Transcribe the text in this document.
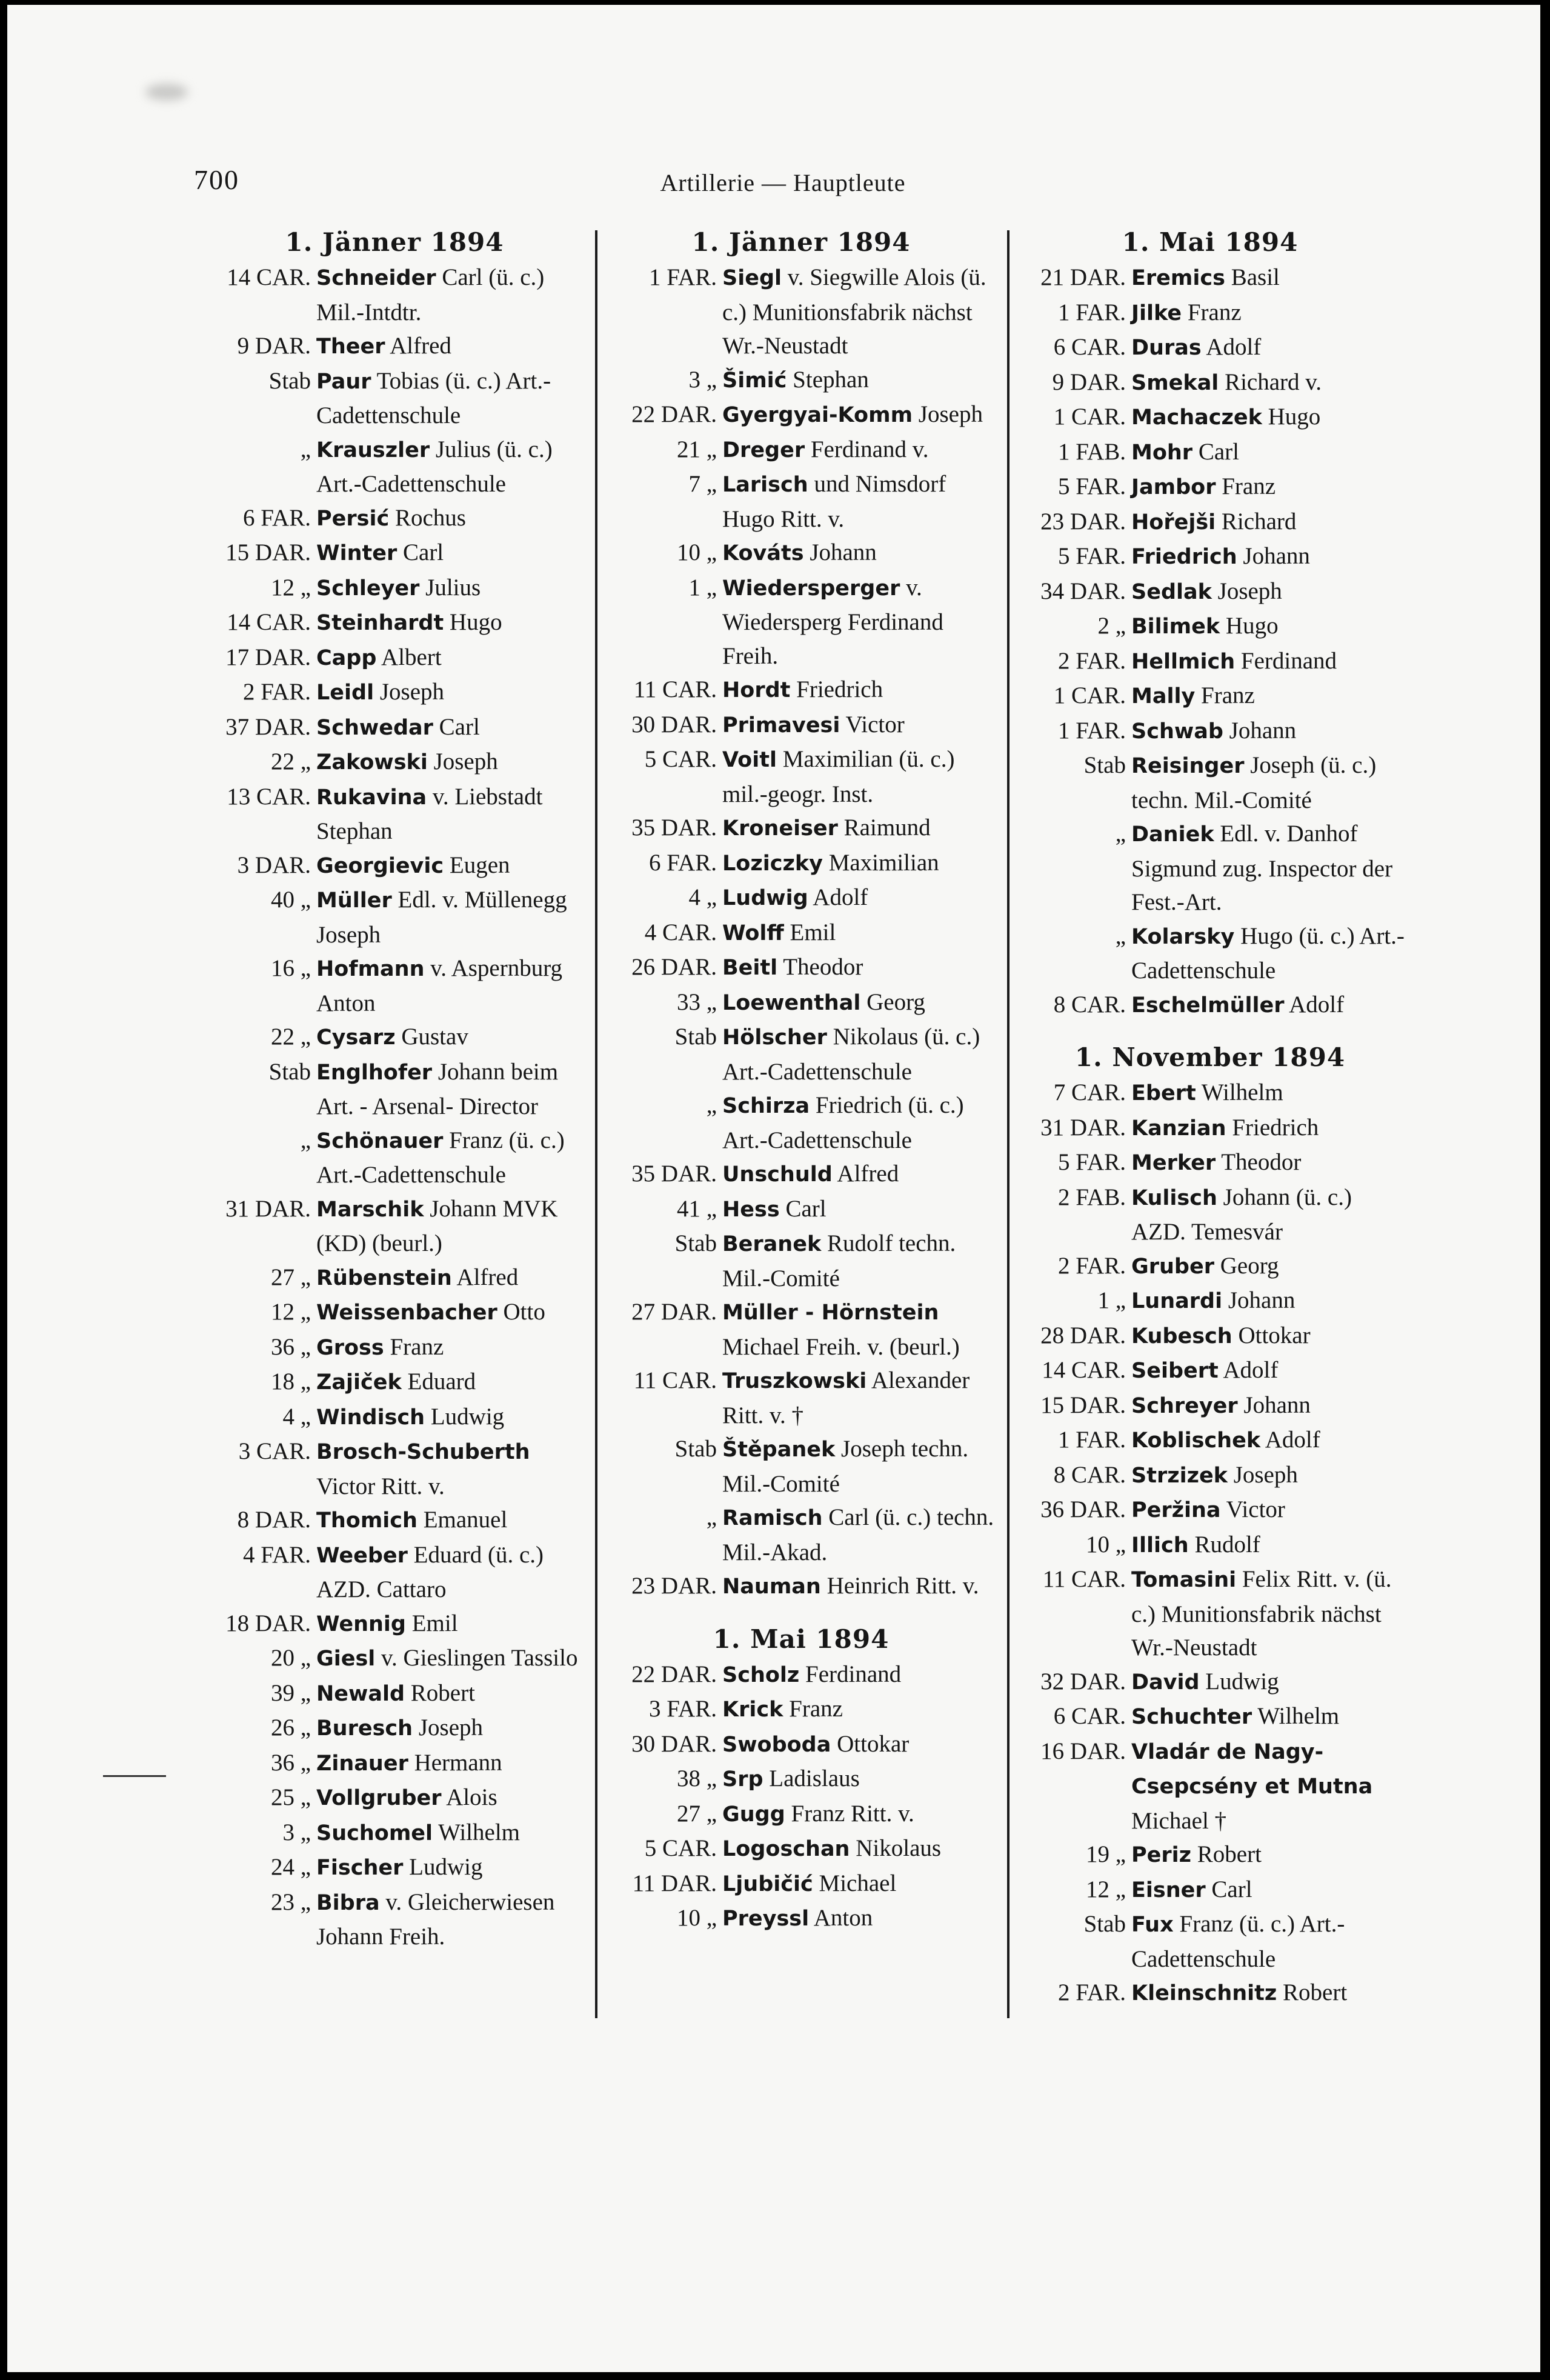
700	Artillerie — Hauptleute
1. Jänner 1894
14 CAR. Schneider Carl (ü. c.) Mil.-Intdtr.
9 DAR. Theer Alfred
Stab Paur Tobias (ü. c.) Art.-Cadettenschule
„ Krauszler Julius (ü. c.) Art.-Cadettenschule
6 FAR. Persić Rochus
15 DAR. Winter Carl
12 „ Schleyer Julius
14 CAR. Steinhardt Hugo
17 DAR. Capp Albert
2 FAR. Leidl Joseph
37 DAR. Schwedar Carl
22 „ Zakowski Joseph
13 CAR. Rukavina v. Liebstadt Stephan
3 DAR. Georgievic Eugen
40 „ Müller Edl. v. Müllenegg Joseph
16 „ Hofmann v. Aspernburg Anton
22 „ Cysarz Gustav
Stab Englhofer Johann beim Art. - Arsenal- Director
„ Schönauer Franz (ü. c.) Art.-Cadettenschule
31 DAR. Marschik Johann MVK (KD) (beurl.)
27 „ Rübenstein Alfred
12 „ Weissenbacher Otto
36 „ Gross Franz
18 „ Zajiček Eduard
4 „ Windisch Ludwig
3 CAR. Brosch-Schuberth Victor Ritt. v.
8 DAR. Thomich Emanuel
4 FAR. Weeber Eduard (ü. c.) AZD. Cattaro
18 DAR. Wennig Emil
20 „ Giesl v. Gieslingen Tassilo
39 „ Newald Robert
26 „ Buresch Joseph
36 „ Zinauer Hermann
25 „ Vollgruber Alois
3 „ Suchomel Wilhelm
24 „ Fischer Ludwig
23 „ Bibra v. Gleicherwiesen Johann Freih.
1. Jänner 1894
1 FAR. Siegl v. Siegwille Alois (ü. c.) Munitionsfabrik nächst Wr.-Neustadt
3 „ Šimić Stephan
22 DAR. Gyergyai-Komm Joseph
21 „ Dreger Ferdinand v.
7 „ Larisch und Nimsdorf Hugo Ritt. v.
10 „ Kováts Johann
1 „ Wiedersperger v. Wiedersperg Ferdinand Freih.
11 CAR. Hordt Friedrich
30 DAR. Primavesi Victor
5 CAR. Voitl Maximilian (ü. c.) mil.-geogr. Inst.
35 DAR. Kroneiser Raimund
6 FAR. Loziczky Maximilian
4 „ Ludwig Adolf
4 CAR. Wolff Emil
26 DAR. Beitl Theodor
33 „ Loewenthal Georg
Stab Hölscher Nikolaus (ü. c.) Art.-Cadettenschule
„ Schirza Friedrich (ü. c.) Art.-Cadettenschule
35 DAR. Unschuld Alfred
41 „ Hess Carl
Stab Beranek Rudolf techn. Mil.-Comité
27 DAR. Müller - Hörnstein Michael Freih. v. (beurl.)
11 CAR. Truszkowski Alexander Ritt. v. †
Stab Štěpanek Joseph techn. Mil.-Comité
„ Ramisch Carl (ü. c.) techn. Mil.-Akad.
23 DAR. Nauman Heinrich Ritt. v.
1. Mai 1894
22 DAR. Scholz Ferdinand
3 FAR. Krick Franz
30 DAR. Swoboda Ottokar
38 „ Srp Ladislaus
27 „ Gugg Franz Ritt. v.
5 CAR. Logoschan Nikolaus
11 DAR. Ljubičić Michael
10 „ Preyssl Anton
1. Mai 1894
21 DAR. Eremics Basil
1 FAR. Jilke Franz
6 CAR. Duras Adolf
9 DAR. Smekal Richard v.
1 CAR. Machaczek Hugo
1 FAB. Mohr Carl
5 FAR. Jambor Franz
23 DAR. Hořejši Richard
5 FAR. Friedrich Johann
34 DAR. Sedlak Joseph
2 „ Bilimek Hugo
2 FAR. Hellmich Ferdinand
1 CAR. Mally Franz
1 FAR. Schwab Johann
Stab Reisinger Joseph (ü. c.) techn. Mil.-Comité
„ Daniek Edl. v. Danhof Sigmund zug. Inspector der Fest.-Art.
„ Kolarsky Hugo (ü. c.) Art.-Cadettenschule
8 CAR. Eschelmüller Adolf
1. November 1894
7 CAR. Ebert Wilhelm
31 DAR. Kanzian Friedrich
5 FAR. Merker Theodor
2 FAB. Kulisch Johann (ü. c.) AZD. Temesvár
2 FAR. Gruber Georg
1 „ Lunardi Johann
28 DAR. Kubesch Ottokar
14 CAR. Seibert Adolf
15 DAR. Schreyer Johann
1 FAR. Koblischek Adolf
8 CAR. Strzizek Joseph
36 DAR. Peržina Victor
10 „ Illich Rudolf
11 CAR. Tomasini Felix Ritt. v. (ü. c.) Munitionsfabrik nächst Wr.-Neustadt
32 DAR. David Ludwig
6 CAR. Schuchter Wilhelm
16 DAR. Vladár de Nagy-Csepcsény et Mutna Michael †
19 „ Periz Robert
12 „ Eisner Carl
Stab Fux Franz (ü. c.) Art.-Cadettenschule
2 FAR. Kleinschnitz Robert
